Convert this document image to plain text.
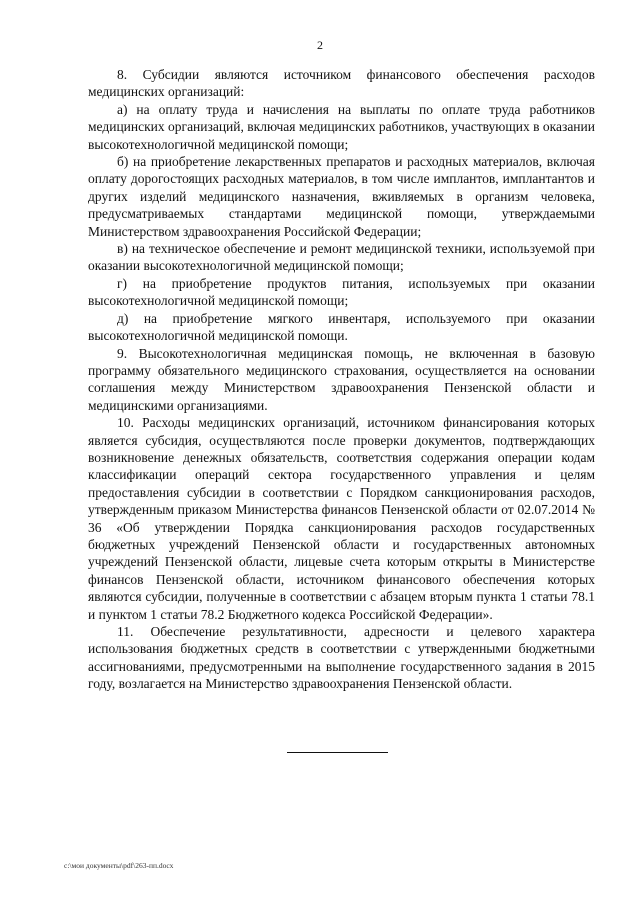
2

8. Субсидии являются источником финансового обеспечения расходов медицинских организаций:

а) на оплату труда и начисления на выплаты по оплате труда работников медицинских организаций, включая медицинских работников, участвующих в оказании высокотехнологичной медицинской помощи;

б) на приобретение лекарственных препаратов и расходных материалов, включая оплату дорогостоящих расходных материалов, в том числе имплантов, имплантантов и других изделий медицинского назначения, вживляемых в организм человека, предусматриваемых стандартами медицинской помощи, утверждаемыми Министерством здравоохранения Российской Федерации;

в) на техническое обеспечение и ремонт медицинской техники, используемой при оказании высокотехнологичной медицинской помощи;

г) на приобретение продуктов питания, используемых при оказании высокотехнологичной медицинской помощи;

д) на приобретение мягкого инвентаря, используемого при оказании высокотехнологичной медицинской помощи.

9. Высокотехнологичная медицинская помощь, не включенная в базовую программу обязательного медицинского страхования, осуществляется на основании соглашения между Министерством здравоохранения Пензенской области и медицинскими организациями.

10. Расходы медицинских организаций, источником финансирования которых является субсидия, осуществляются после проверки документов, подтверждающих возникновение денежных обязательств, соответствия содержания операции кодам классификации операций сектора государственного управления и целям предоставления субсидии в соответствии с Порядком санкционирования расходов, утвержденным приказом Министерства финансов Пензенской области от 02.07.2014 № 36 «Об утверждении Порядка санкционирования расходов государственных бюджетных учреждений Пензенской области и государственных автономных учреждений Пензенской области, лицевые счета которым открыты в Министерстве финансов Пензенской области, источником финансового обеспечения которых являются субсидии, полученные в соответствии с абзацем вторым пункта 1 статьи 78.1 и пунктом 1 статьи 78.2 Бюджетного кодекса Российской Федерации».

11. Обеспечение результативности, адресности и целевого характера использования бюджетных средств в соответствии с утвержденными бюджетными ассигнованиями, предусмотренными на выполнение государственного задания в 2015 году, возлагается на Министерство здравоохранения Пензенской области.

c:\мои документы\pdf\263-пп.docx
